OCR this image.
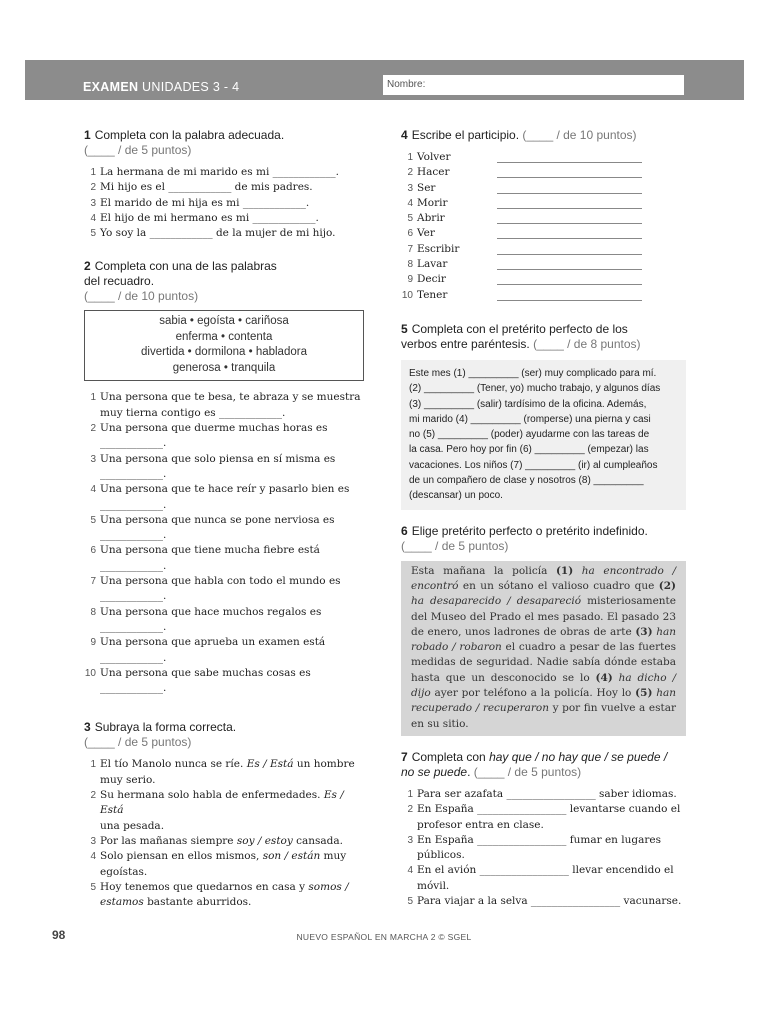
EXAMEN UNIDADES 3 - 4	Nombre:
1 Completa con la palabra adecuada.
(____ / de 5 puntos)
1 La hermana de mi marido es mi ____________.
2 Mi hijo es el ____________ de mis padres.
3 El marido de mi hija es mi ____________.
4 El hijo de mi hermano es mi ____________.
5 Yo soy la ____________ de la mujer de mi hijo.
2 Completa con una de las palabras
del recuadro.
(____ / de 10 puntos)
sabia • egoísta • cariñosa
enferma • contenta
divertida • dormilona • habladora
generosa • tranquila
1 Una persona que te besa, te abraza y se muestra
muy tierna contigo es ____________.
2 Una persona que duerme muchas horas es
____________.
3 Una persona que solo piensa en sí misma es
____________.
4 Una persona que te hace reír y pasarlo bien es
____________.
5 Una persona que nunca se pone nerviosa es
____________.
6 Una persona que tiene mucha fiebre está
____________.
7 Una persona que habla con todo el mundo es
____________.
8 Una persona que hace muchos regalos es
____________.
9 Una persona que aprueba un examen está
____________.
10 Una persona que sabe muchas cosas es
____________.
3 Subraya la forma correcta.
(____ / de 5 puntos)
1 El tío Manolo nunca se ríe. Es / Está un hombre
muy serio.
2 Su hermana solo habla de enfermedades. Es / Está
una pesada.
3 Por las mañanas siempre soy / estoy cansada.
4 Solo piensan en ellos mismos, son / están muy
egoístas.
5 Hoy tenemos que quedarnos en casa y somos /
estamos bastante aburridos.
4 Escribe el participio. (____ / de 10 puntos)
1 Volver
2 Hacer
3 Ser
4 Morir
5 Abrir
6 Ver
7 Escribir
8 Lavar
9 Decir
10 Tener
5 Completa con el pretérito perfecto de los
verbos entre paréntesis. (____ / de 8 puntos)
Este mes (1) _________ (ser) muy complicado para mí.
(2) _________ (Tener, yo) mucho trabajo, y algunos días
(3) _________ (salir) tardísimo de la oficina. Además,
mi marido (4) _________ (romperse) una pierna y casi
no (5) _________ (poder) ayudarme con las tareas de
la casa. Pero hoy por fin (6) _________ (empezar) las
vacaciones. Los niños (7) _________ (ir) al cumpleaños
de un compañero de clase y nosotros (8) _________
(descansar) un poco.
6 Elige pretérito perfecto o pretérito indefinido.
(____ / de 5 puntos)
Esta mañana la policía (1) ha encontrado / encontró en un sótano el valioso cuadro que (2) ha desaparecido / desapareció misteriosamente del Museo del Prado el mes pasado. El pasado 23 de enero, unos ladrones de obras de arte (3) han robado / robaron el cuadro a pesar de las fuertes medidas de seguridad. Nadie sabía dónde estaba hasta que un desconocido se lo (4) ha dicho / dijo ayer por teléfono a la policía. Hoy lo (5) han recuperado / recuperaron y por fin vuelve a estar en su sitio.
7 Completa con hay que / no hay que / se puede /
no se puede. (____ / de 5 puntos)
1 Para ser azafata _________________ saber idiomas.
2 En España _________________ levantarse cuando el
profesor entra en clase.
3 En España _________________ fumar en lugares
públicos.
4 En el avión _________________ llevar encendido el
móvil.
5 Para viajar a la selva _________________ vacunarse.
98	NUEVO ESPAÑOL EN MARCHA 2 © SGEL
